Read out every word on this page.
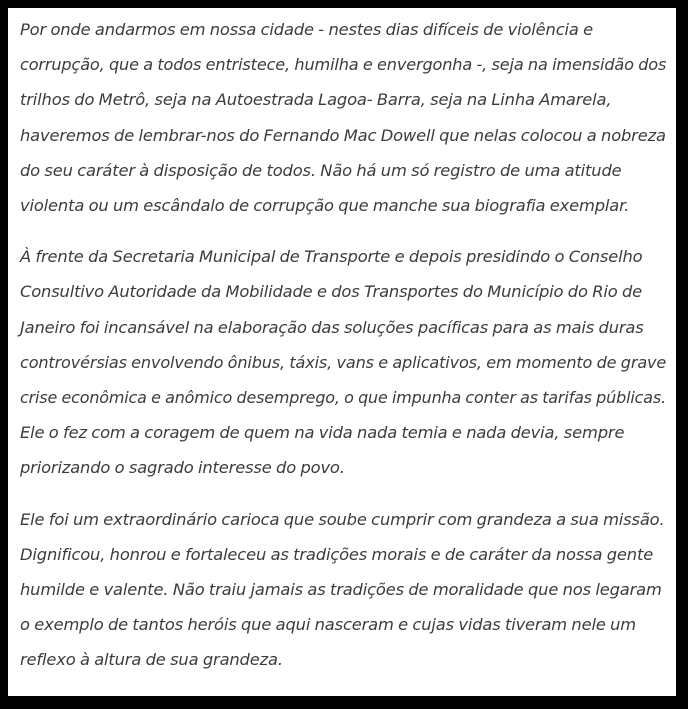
Por onde andarmos em nossa cidade - nestes dias difíceis de violência e
corrupção, que a todos entristece, humilha e envergonha -, seja na imensidão dos
trilhos do Metrô, seja na Autoestrada Lagoa- Barra, seja na Linha Amarela,
haveremos de lembrar-nos do Fernando Mac Dowell que nelas colocou a nobreza
do seu caráter à disposição de todos. Não há um só registro de uma atitude
violenta ou um escândalo de corrupção que manche sua biografia exemplar.

À frente da Secretaria Municipal de Transporte e depois presidindo o Conselho
Consultivo Autoridade da Mobilidade e dos Transportes do Município do Rio de
Janeiro foi incansável na elaboração das soluções pacíficas para as mais duras
controvérsias envolvendo ônibus, táxis, vans e aplicativos, em momento de grave
crise econômica e anômico desemprego, o que impunha conter as tarifas públicas.
Ele o fez com a coragem de quem na vida nada temia e nada devia, sempre
priorizando o sagrado interesse do povo.

Ele foi um extraordinário carioca que soube cumprir com grandeza a sua missão.
Dignificou, honrou e fortaleceu as tradições morais e de caráter da nossa gente
humilde e valente. Não traiu jamais as tradições de moralidade que nos legaram
o exemplo de tantos heróis que aqui nasceram e cujas vidas tiveram nele um
reflexo à altura de sua grandeza.
